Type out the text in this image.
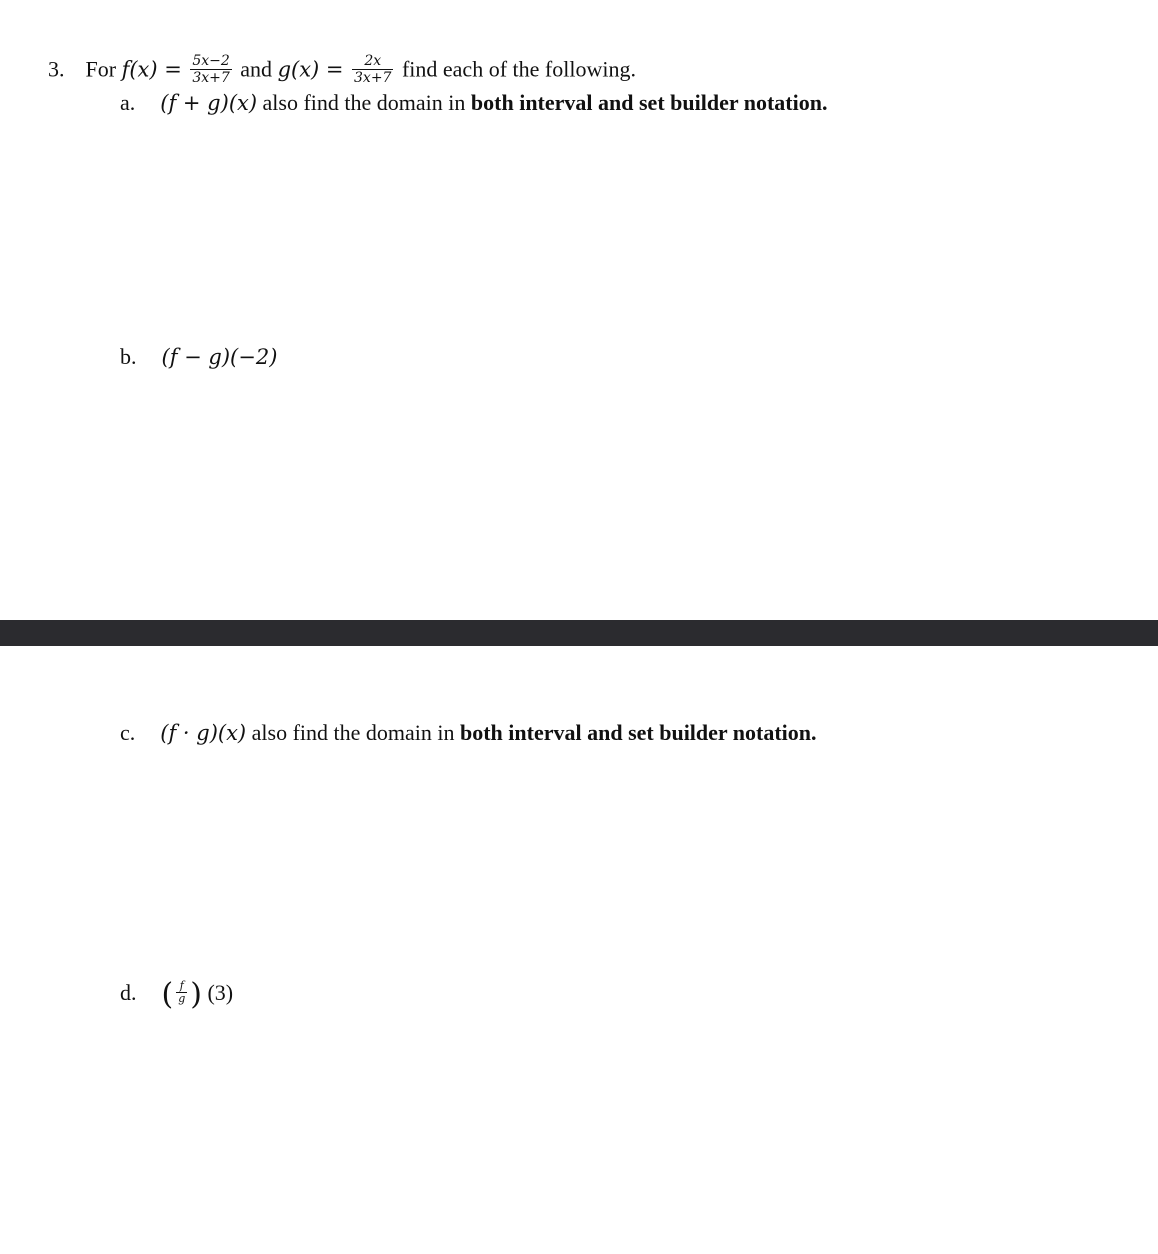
3. For $f(x) = \frac{5x-2}{3x+7}$ and $g(x) = \frac{2x}{3x+7}$ find each of the following.
a. (f + g)(x) also find the domain in both interval and set builder notation.
b. (f − g)(−2)
c. (f · g)(x) also find the domain in both interval and set builder notation.
d. ( $\frac{f}{g}$ ) (3)
